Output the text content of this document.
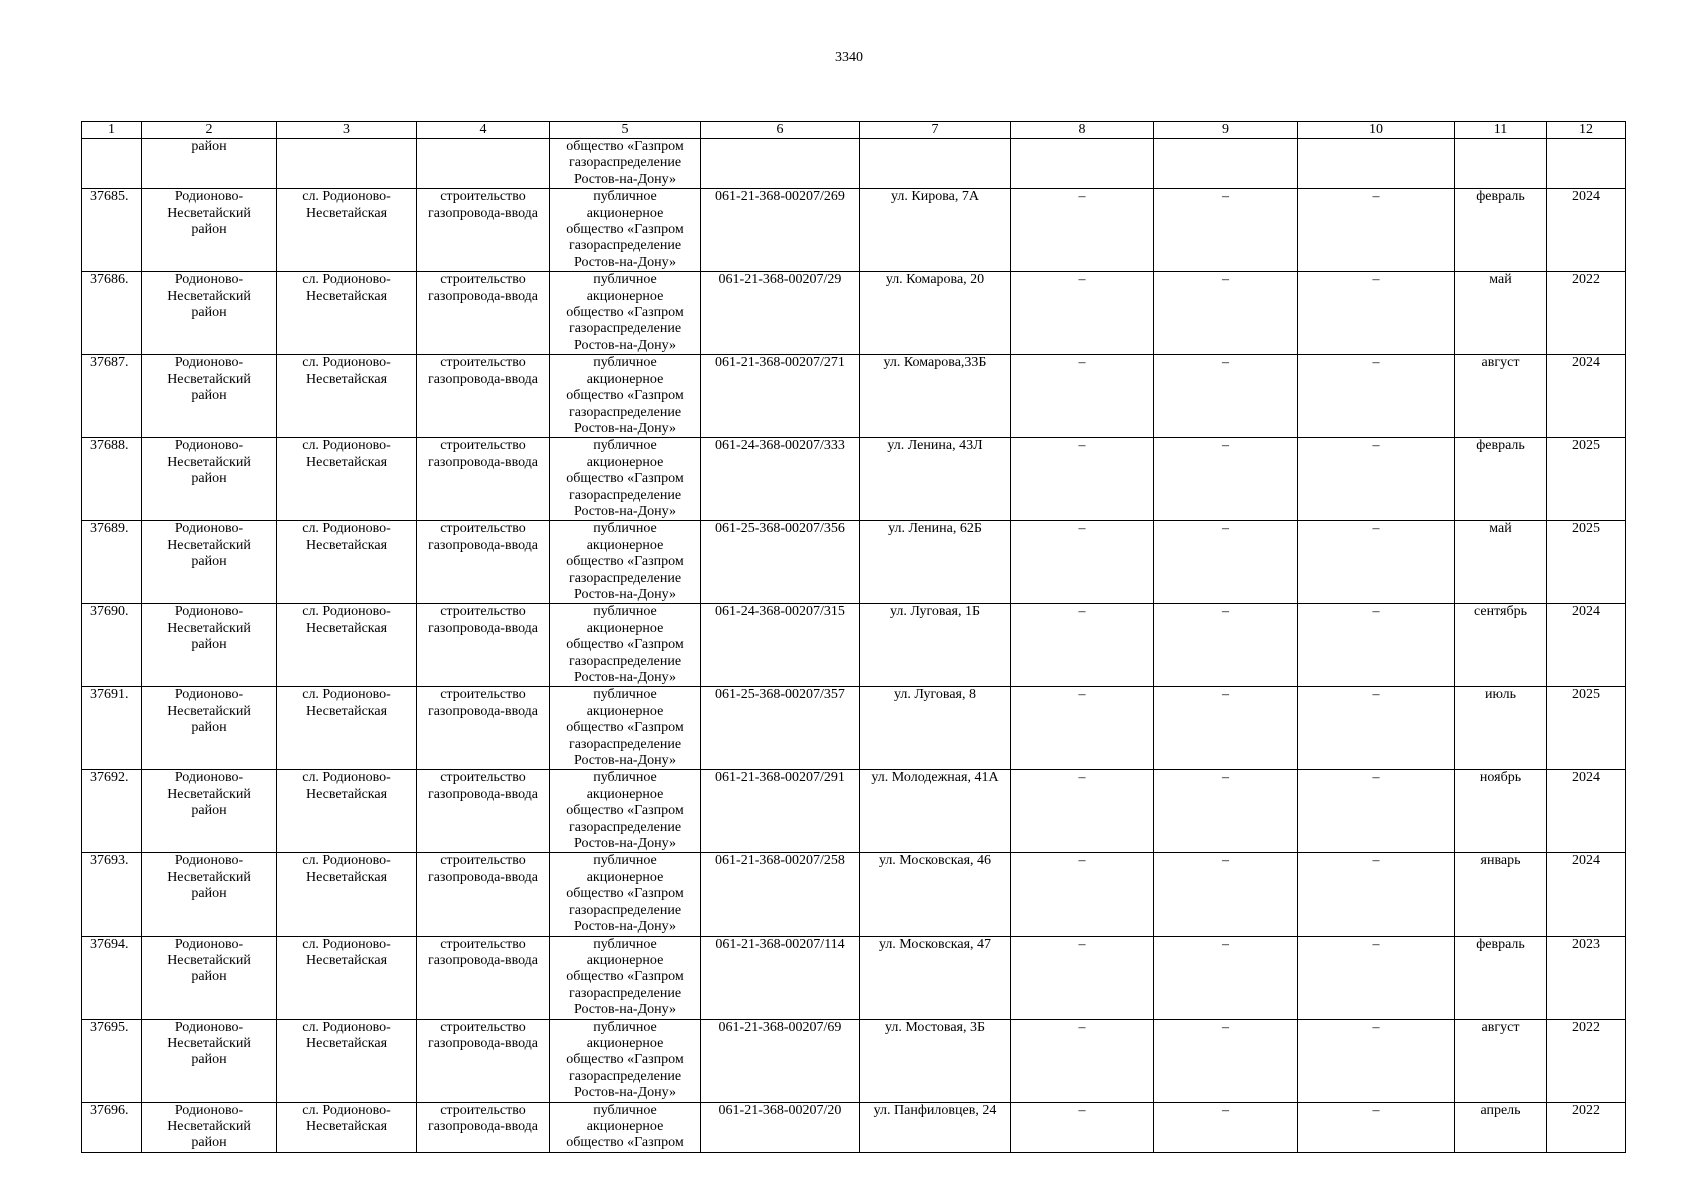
3340
1	2	3	4	5	6	7	8	9	10	11	12

	район			общество «Газпром
газораспределение
Ростов-на-Дону»							

37685.	Родионово-
Несветайский
район	сл. Родионово-
Несветайская	строительство
газопровода-ввода	публичное
акционерное
общество «Газпром
газораспределение
Ростов-на-Дону»	061-21-368-00207/269	ул. Кирова, 7А	–	–	–	февраль	2024
37686.	Родионово-
Несветайский
район	сл. Родионово-
Несветайская	строительство
газопровода-ввода	публичное
акционерное
общество «Газпром
газораспределение
Ростов-на-Дону»	061-21-368-00207/29	ул. Комарова, 20	–	–	–	май	2022
37687.	Родионово-
Несветайский
район	сл. Родионово-
Несветайская	строительство
газопровода-ввода	публичное
акционерное
общество «Газпром
газораспределение
Ростов-на-Дону»	061-21-368-00207/271	ул. Комарова,33Б	–	–	–	август	2024
37688.	Родионово-
Несветайский
район	сл. Родионово-
Несветайская	строительство
газопровода-ввода	публичное
акционерное
общество «Газпром
газораспределение
Ростов-на-Дону»	061-24-368-00207/333	ул. Ленина, 43Л	–	–	–	февраль	2025
37689.	Родионово-
Несветайский
район	сл. Родионово-
Несветайская	строительство
газопровода-ввода	публичное
акционерное
общество «Газпром
газораспределение
Ростов-на-Дону»	061-25-368-00207/356	ул. Ленина, 62Б	–	–	–	май	2025
37690.	Родионово-
Несветайский
район	сл. Родионово-
Несветайская	строительство
газопровода-ввода	публичное
акционерное
общество «Газпром
газораспределение
Ростов-на-Дону»	061-24-368-00207/315	ул. Луговая, 1Б	–	–	–	сентябрь	2024
37691.	Родионово-
Несветайский
район	сл. Родионово-
Несветайская	строительство
газопровода-ввода	публичное
акционерное
общество «Газпром
газораспределение
Ростов-на-Дону»	061-25-368-00207/357	ул. Луговая, 8	–	–	–	июль	2025
37692.	Родионово-
Несветайский
район	сл. Родионово-
Несветайская	строительство
газопровода-ввода	публичное
акционерное
общество «Газпром
газораспределение
Ростов-на-Дону»	061-21-368-00207/291	ул. Молодежная, 41А	–	–	–	ноябрь	2024
37693.	Родионово-
Несветайский
район	сл. Родионово-
Несветайская	строительство
газопровода-ввода	публичное
акционерное
общество «Газпром
газораспределение
Ростов-на-Дону»	061-21-368-00207/258	ул. Московская, 46	–	–	–	январь	2024
37694.	Родионово-
Несветайский
район	сл. Родионово-
Несветайская	строительство
газопровода-ввода	публичное
акционерное
общество «Газпром
газораспределение
Ростов-на-Дону»	061-21-368-00207/114	ул. Московская, 47	–	–	–	февраль	2023
37695.	Родионово-
Несветайский
район	сл. Родионово-
Несветайская	строительство
газопровода-ввода	публичное
акционерное
общество «Газпром
газораспределение
Ростов-на-Дону»	061-21-368-00207/69	ул. Мостовая, 3Б	–	–	–	август	2022
37696.	Родионово-
Несветайский
район	сл. Родионово-
Несветайская	строительство
газопровода-ввода	публичное
акционерное
общество «Газпром	061-21-368-00207/20	ул. Панфиловцев, 24	–	–	–	апрель	2022
